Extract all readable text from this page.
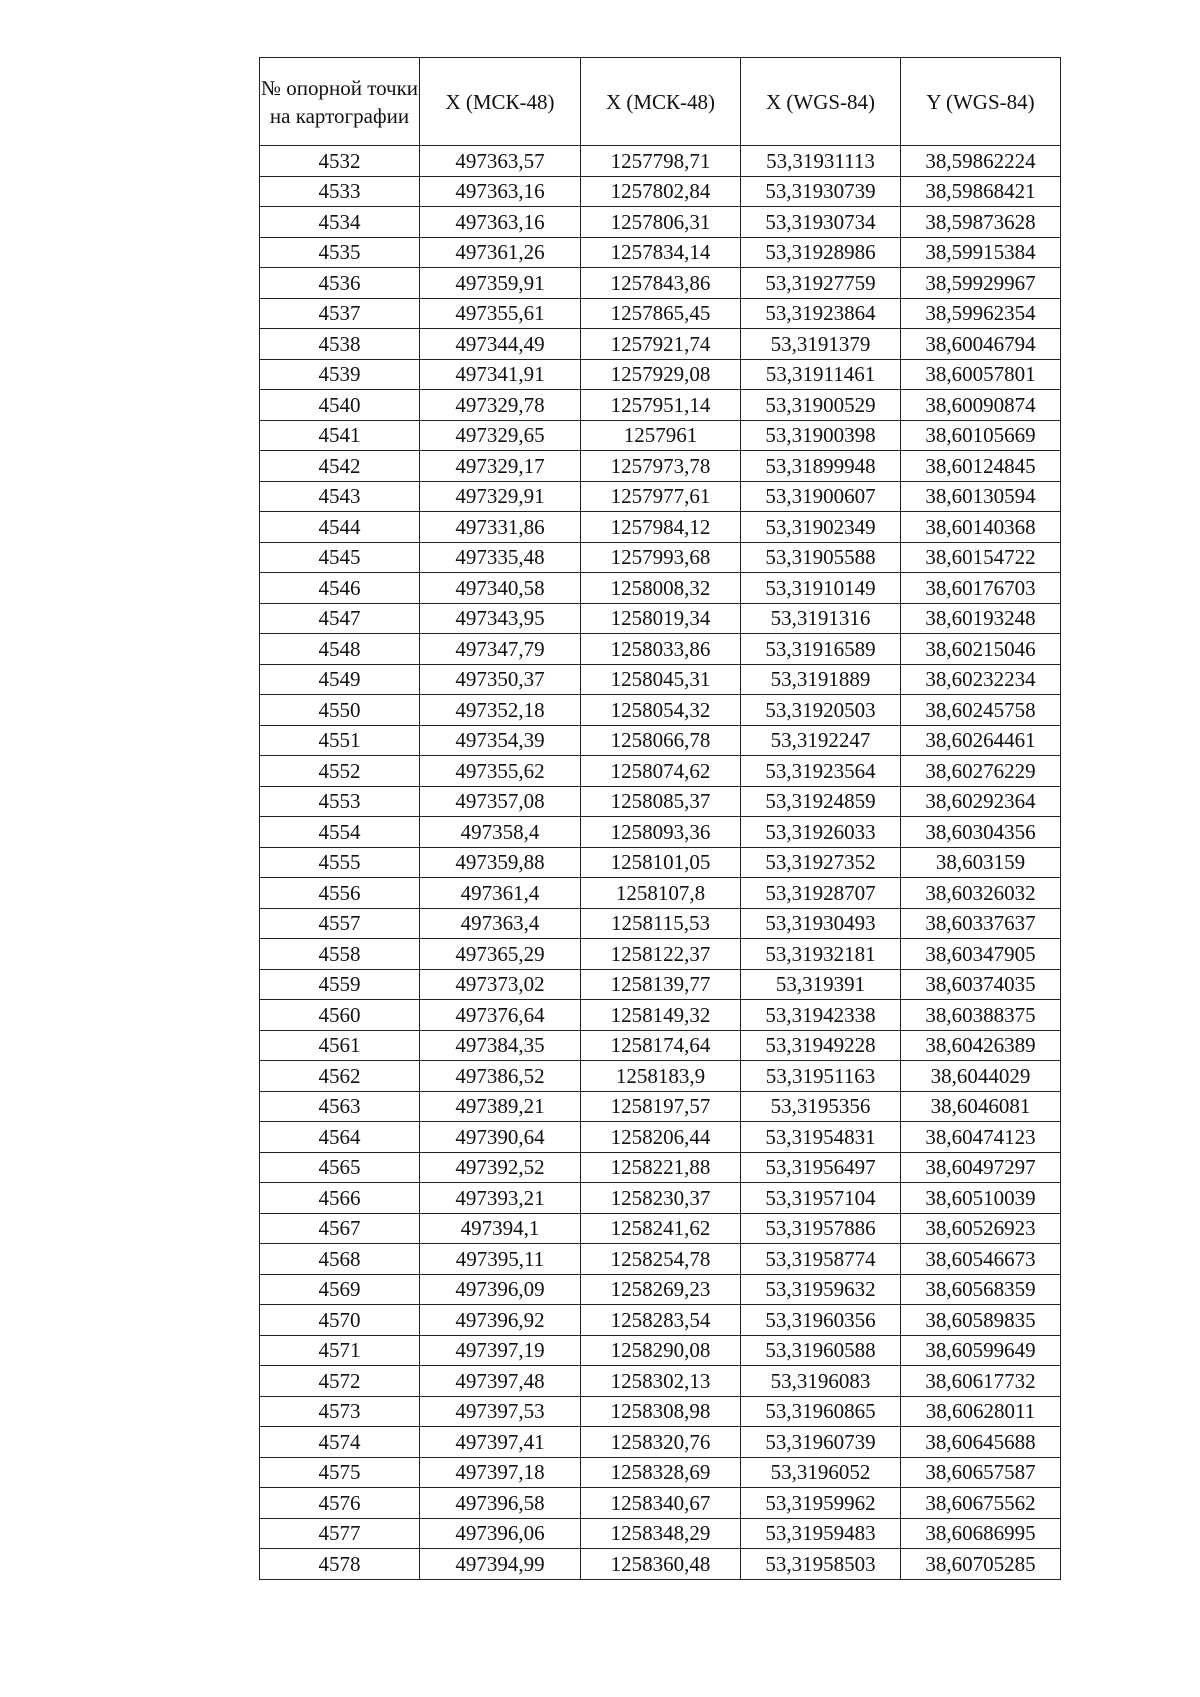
№ опорной точки на картографии	X (МСК-48)	X (МСК-48)	X (WGS-84)	Y (WGS-84)
4532	497363,57	1257798,71	53,31931113	38,59862224
4533	497363,16	1257802,84	53,31930739	38,59868421
4534	497363,16	1257806,31	53,31930734	38,59873628
4535	497361,26	1257834,14	53,31928986	38,59915384
4536	497359,91	1257843,86	53,31927759	38,59929967
4537	497355,61	1257865,45	53,31923864	38,59962354
4538	497344,49	1257921,74	53,3191379	38,60046794
4539	497341,91	1257929,08	53,31911461	38,60057801
4540	497329,78	1257951,14	53,31900529	38,60090874
4541	497329,65	1257961	53,31900398	38,60105669
4542	497329,17	1257973,78	53,31899948	38,60124845
4543	497329,91	1257977,61	53,31900607	38,60130594
4544	497331,86	1257984,12	53,31902349	38,60140368
4545	497335,48	1257993,68	53,31905588	38,60154722
4546	497340,58	1258008,32	53,31910149	38,60176703
4547	497343,95	1258019,34	53,3191316	38,60193248
4548	497347,79	1258033,86	53,31916589	38,60215046
4549	497350,37	1258045,31	53,3191889	38,60232234
4550	497352,18	1258054,32	53,31920503	38,60245758
4551	497354,39	1258066,78	53,3192247	38,60264461
4552	497355,62	1258074,62	53,31923564	38,60276229
4553	497357,08	1258085,37	53,31924859	38,60292364
4554	497358,4	1258093,36	53,31926033	38,60304356
4555	497359,88	1258101,05	53,31927352	38,603159
4556	497361,4	1258107,8	53,31928707	38,60326032
4557	497363,4	1258115,53	53,31930493	38,60337637
4558	497365,29	1258122,37	53,31932181	38,60347905
4559	497373,02	1258139,77	53,319391	38,60374035
4560	497376,64	1258149,32	53,31942338	38,60388375
4561	497384,35	1258174,64	53,31949228	38,60426389
4562	497386,52	1258183,9	53,31951163	38,6044029
4563	497389,21	1258197,57	53,3195356	38,6046081
4564	497390,64	1258206,44	53,31954831	38,60474123
4565	497392,52	1258221,88	53,31956497	38,60497297
4566	497393,21	1258230,37	53,31957104	38,60510039
4567	497394,1	1258241,62	53,31957886	38,60526923
4568	497395,11	1258254,78	53,31958774	38,60546673
4569	497396,09	1258269,23	53,31959632	38,60568359
4570	497396,92	1258283,54	53,31960356	38,60589835
4571	497397,19	1258290,08	53,31960588	38,60599649
4572	497397,48	1258302,13	53,3196083	38,60617732
4573	497397,53	1258308,98	53,31960865	38,60628011
4574	497397,41	1258320,76	53,31960739	38,60645688
4575	497397,18	1258328,69	53,3196052	38,60657587
4576	497396,58	1258340,67	53,31959962	38,60675562
4577	497396,06	1258348,29	53,31959483	38,60686995
4578	497394,99	1258360,48	53,31958503	38,60705285
